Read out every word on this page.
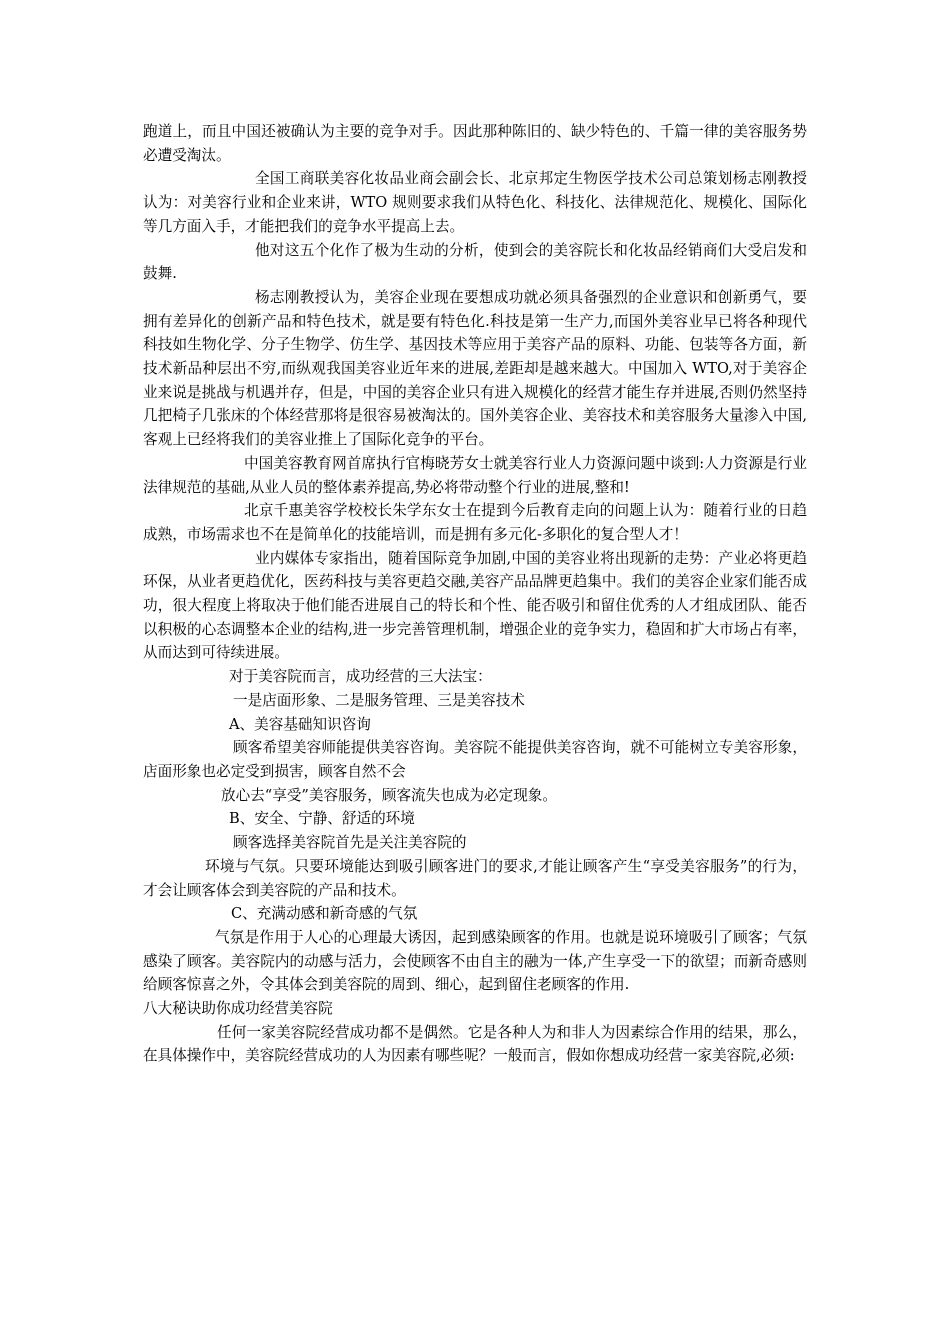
跑道上，而且中国还被确认为主要的竞争对手。因此那种陈旧的、缺少特色的、千篇一律的美容服务势必遭受淘汰。

全国工商联美容化妆品业商会副会长、北京邦定生物医学技术公司总策划杨志刚教授认为：对美容行业和企业来讲，WTO 规则要求我们从特色化、科技化、法律规范化、规模化、国际化等几方面入手，才能把我们的竞争水平提高上去。

他对这五个化作了极为生动的分析，使到会的美容院长和化妆品经销商们大受启发和鼓舞.

杨志刚教授认为，美容企业现在要想成功就必须具备强烈的企业意识和创新勇气，要拥有差异化的创新产品和特色技术，就是要有特色化.科技是第一生产力,而国外美容业早已将各种现代科技如生物化学、分子生物学、仿生学、基因技术等应用于美容产品的原料、功能、包装等各方面，新技术新品种层出不穷,而纵观我国美容业近年来的进展,差距却是越来越大。中国加入 WTO,对于美容企业来说是挑战与机遇并存，但是，中国的美容企业只有进入规模化的经营才能生存并进展,否则仍然坚持几把椅子几张床的个体经营那将是很容易被淘汰的。国外美容企业、美容技术和美容服务大量渗入中国,客观上已经将我们的美容业推上了国际化竞争的平台。

中国美容教育网首席执行官梅晓芳女士就美容行业人力资源问题中谈到:人力资源是行业法律规范的基础,从业人员的整体素养提高,势必将带动整个行业的进展,整和!

北京千惠美容学校校长朱学东女士在提到今后教育走向的问题上认为：随着行业的日趋成熟，市场需求也不在是简单化的技能培训，而是拥有多元化-多职化的复合型人才！

业内媒体专家指出，随着国际竞争加剧,中国的美容业将出现新的走势：产业必将更趋环保，从业者更趋优化，医药科技与美容更趋交融,美容产品品牌更趋集中。我们的美容企业家们能否成功，很大程度上将取决于他们能否进展自己的特长和个性、能否吸引和留住优秀的人才组成团队、能否以积极的心态调整本企业的结构,进一步完善管理机制，增强企业的竞争实力，稳固和扩大市场占有率，从而达到可待续进展。

对于美容院而言，成功经营的三大法宝：

一是店面形象、二是服务管理、三是美容技术

A、美容基础知识咨询

顾客希望美容师能提供美容咨询。美容院不能提供美容咨询，就不可能树立专美容形象，店面形象也必定受到损害，顾客自然不会

放心去“享受”美容服务，顾客流失也成为必定现象。

B、安全、宁静、舒适的环境

顾客选择美容院首先是关注美容院的

环境与气氛。只要环境能达到吸引顾客进门的要求,才能让顾客产生“享受美容服务”的行为，才会让顾客体会到美容院的产品和技术。

C、充满动感和新奇感的气氛

气氛是作用于人心的心理最大诱因，起到感染顾客的作用。也就是说环境吸引了顾客；气氛感染了顾客。美容院内的动感与活力，会使顾客不由自主的融为一体,产生享受一下的欲望；而新奇感则给顾客惊喜之外，令其体会到美容院的周到、细心，起到留住老顾客的作用.

八大秘诀助你成功经营美容院

任何一家美容院经营成功都不是偶然。它是各种人为和非人为因素综合作用的结果，那么，在具体操作中，美容院经营成功的人为因素有哪些呢？一般而言，假如你想成功经营一家美容院,必须:
